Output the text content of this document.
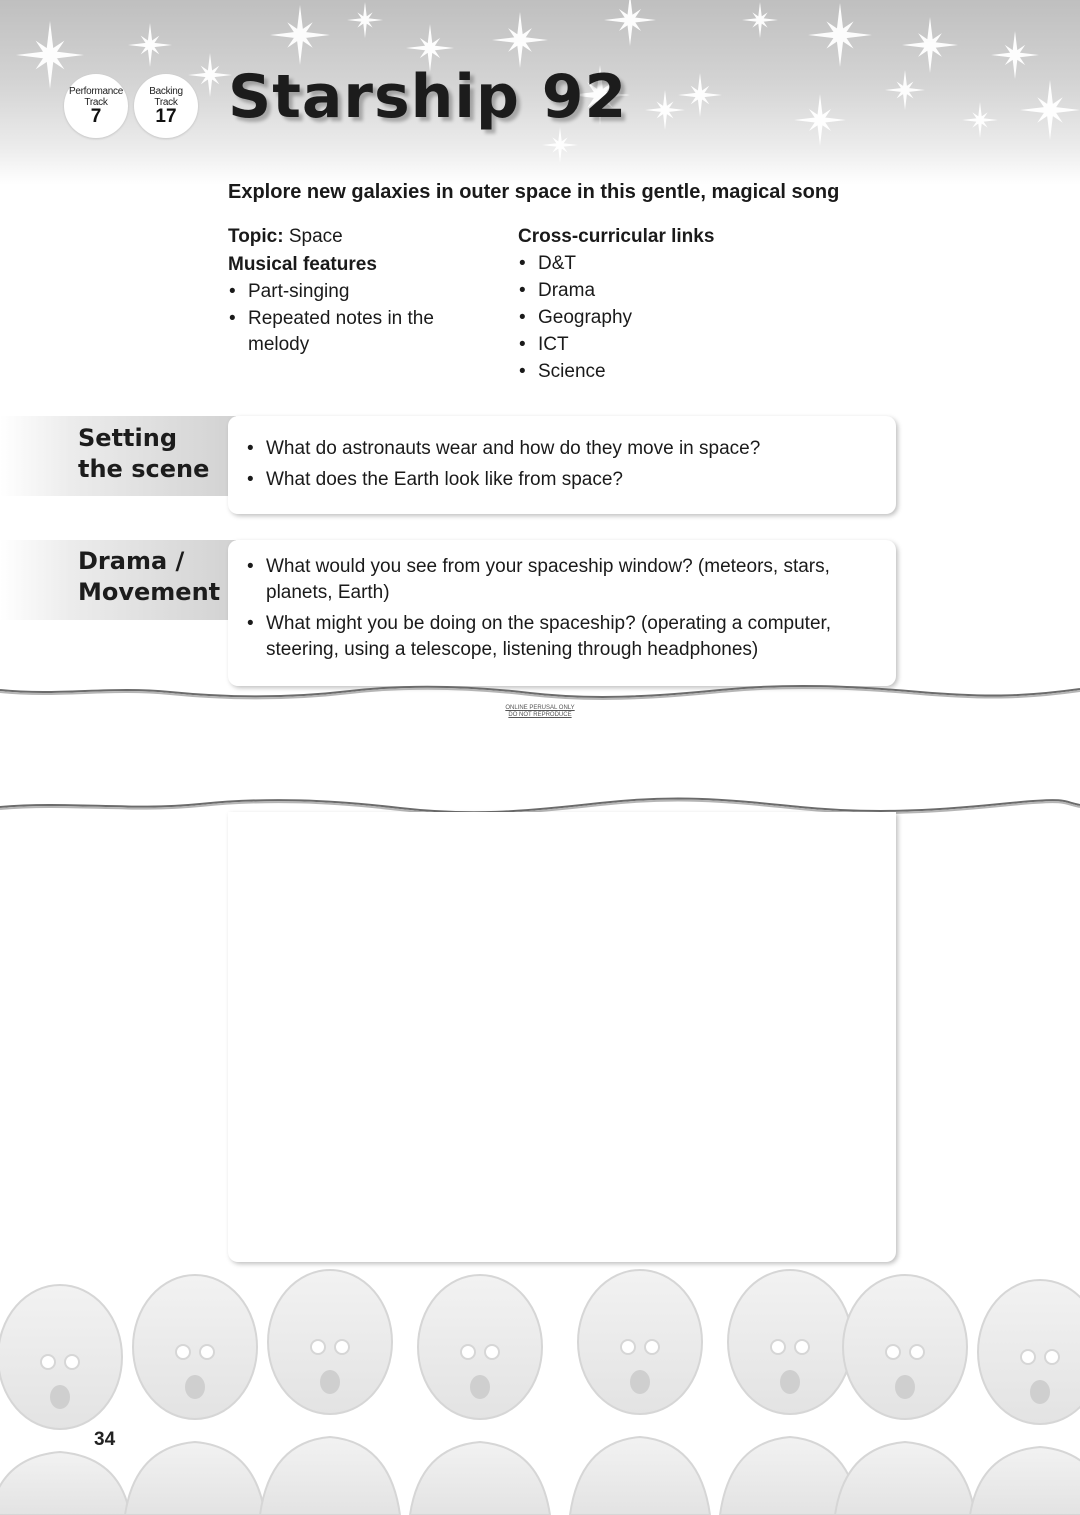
Performance Track
7
Backing Track
17 Starship 92

Explore new galaxies in outer space in this gentle, magical song

Topic: Space

Musical features

• Part-singing
• Repeated notes in the melody

Cross-curricular links

• D&T
• Drama
• Geography
• ICT
• Science
Setting
the scene
• What do astronauts wear and how do they move in space?
• What does the Earth look like from space?
Drama /
Movement
• What would you see from your spaceship window? (meteors, stars, planets, Earth)
• What might you be doing on the spaceship? (operating a computer, steering, using a telescope, listening through headphones)
ONLINE PERUSAL ONLY
DO NOT REPRODUCE
34
